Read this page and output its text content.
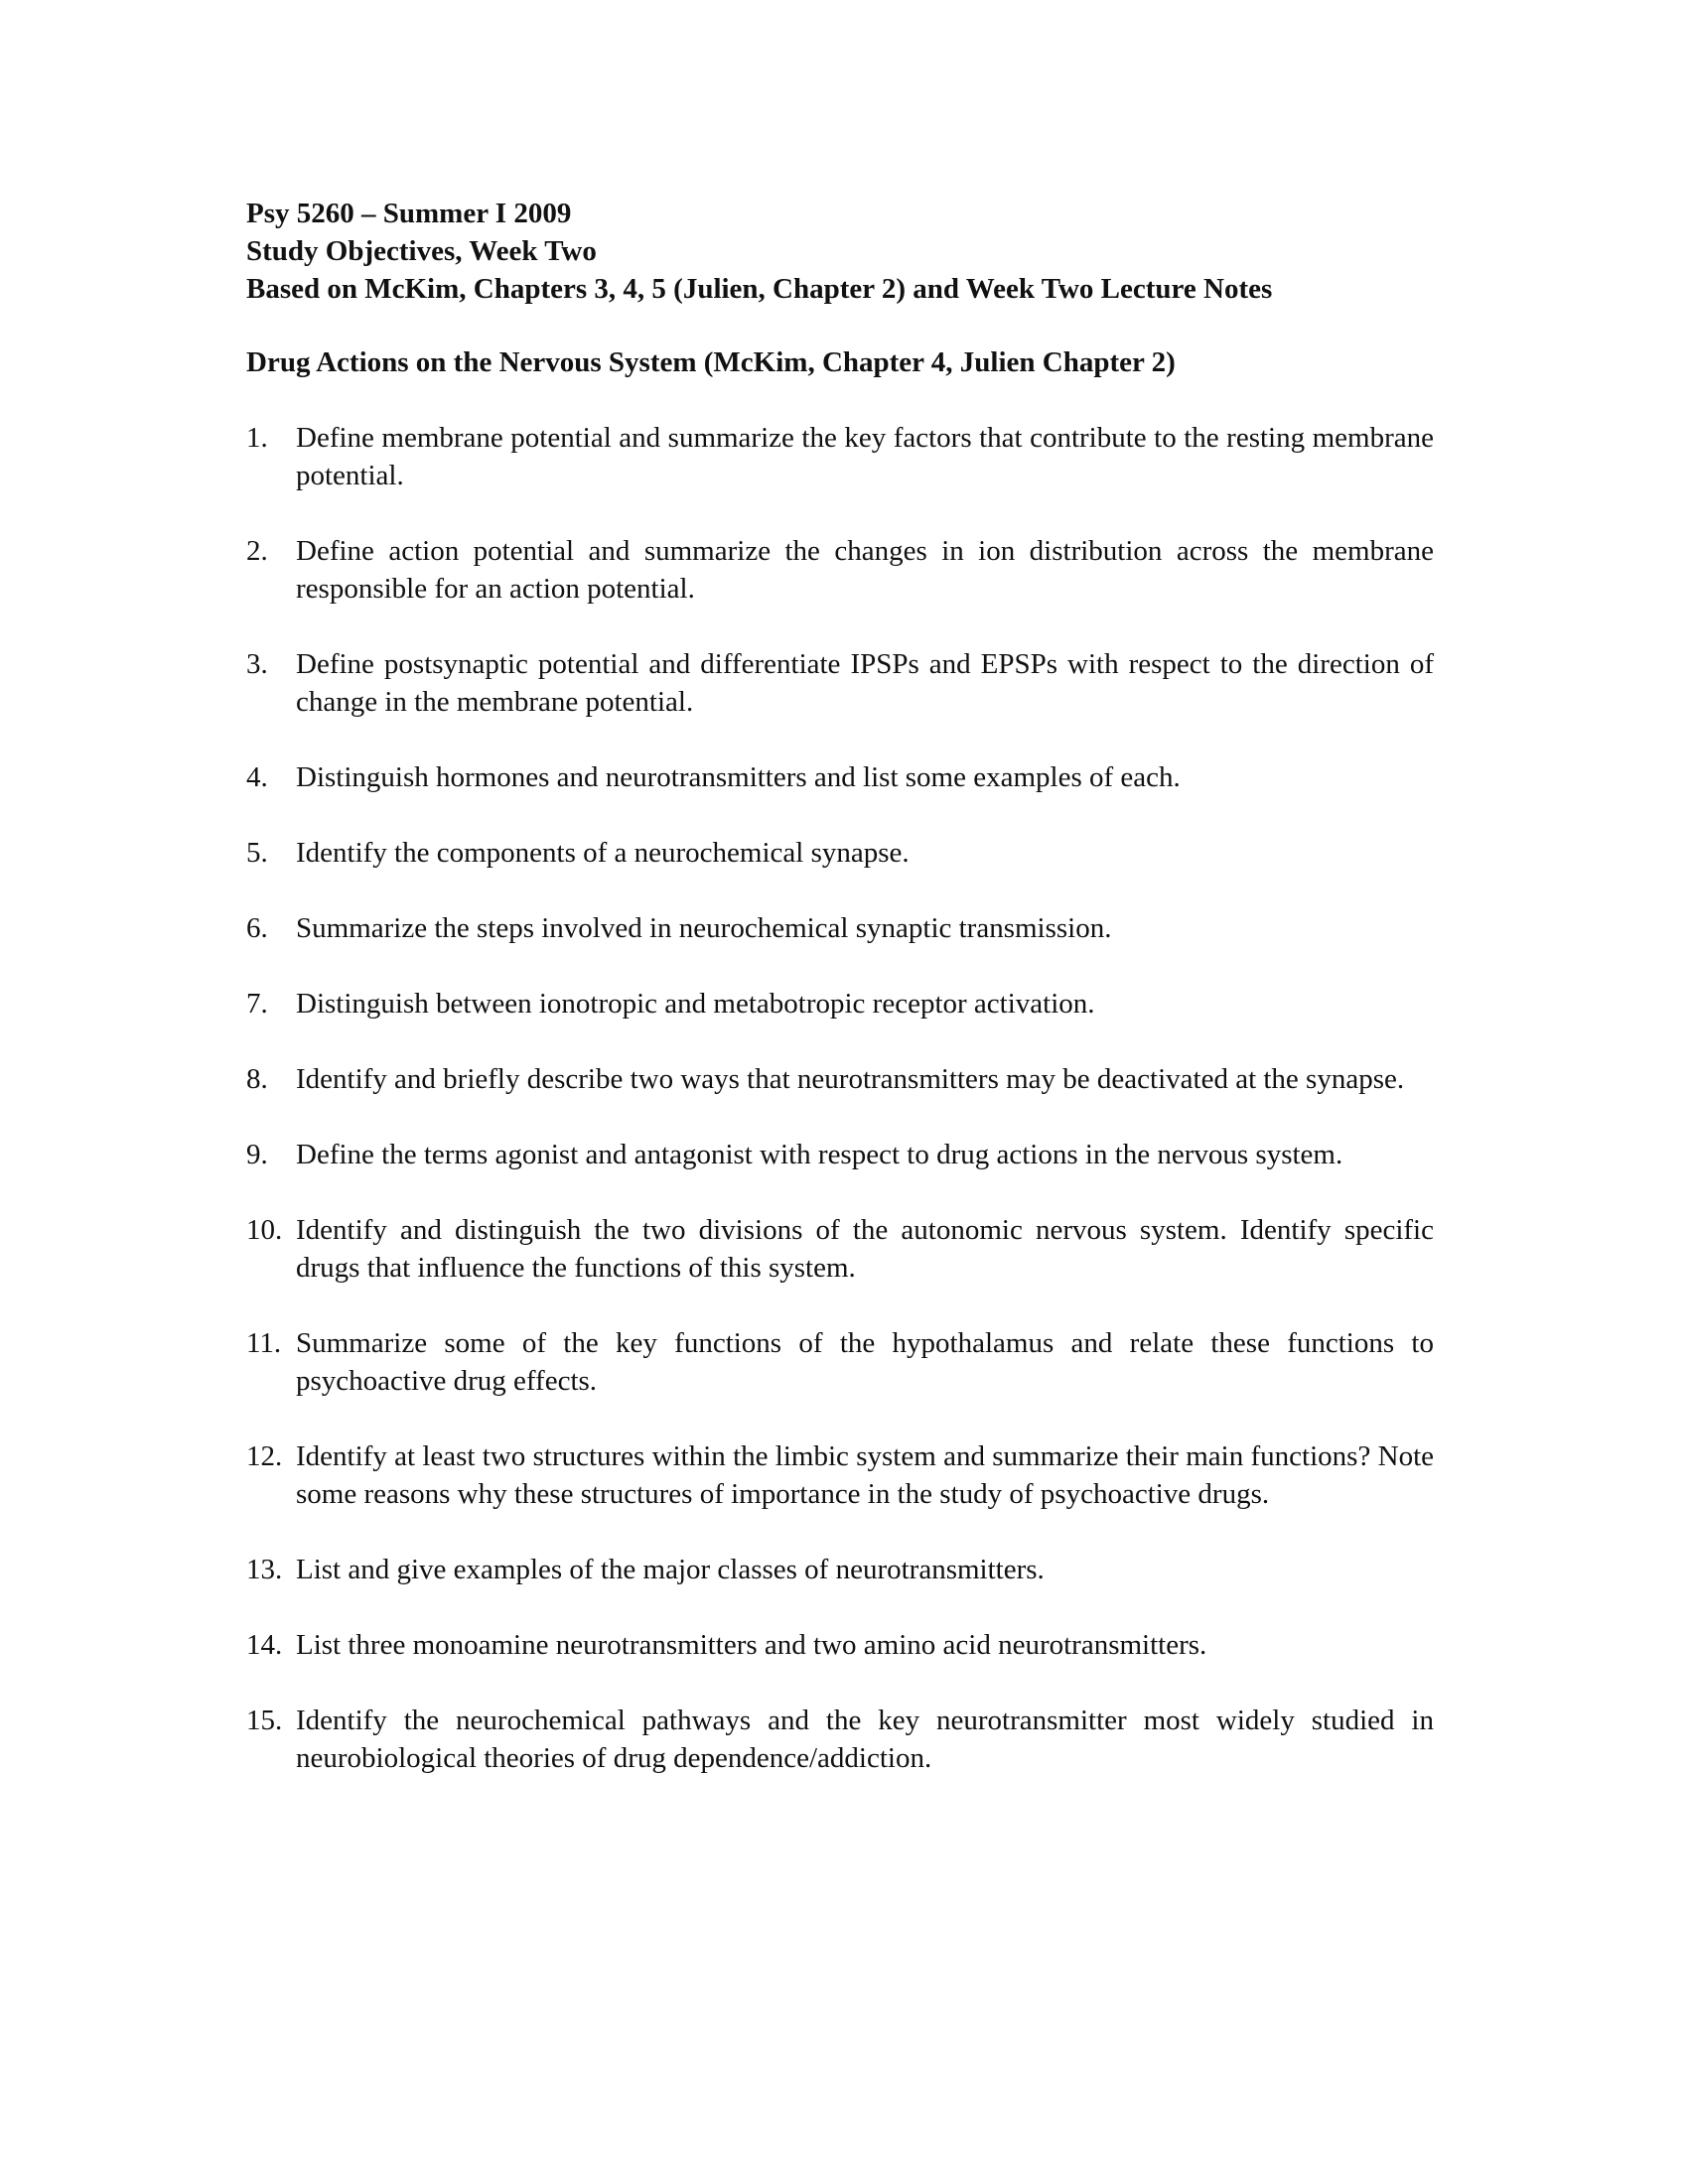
Psy 5260 – Summer I 2009

Study Objectives, Week Two

Based on McKim, Chapters 3, 4, 5 (Julien, Chapter 2) and Week Two Lecture Notes

Drug Actions on the Nervous System (McKim, Chapter 4, Julien Chapter 2)

1. Define membrane potential and summarize the key factors that contribute to the resting membrane potential.
2. Define action potential and summarize the changes in ion distribution across the membrane responsible for an action potential.
3. Define postsynaptic potential and differentiate IPSPs and EPSPs with respect to the direction of change in the membrane potential.
4. Distinguish hormones and neurotransmitters and list some examples of each.
5. Identify the components of a neurochemical synapse.
6. Summarize the steps involved in neurochemical synaptic transmission.
7. Distinguish between ionotropic and metabotropic receptor activation.
8. Identify and briefly describe two ways that neurotransmitters may be deactivated at the synapse.
9. Define the terms agonist and antagonist with respect to drug actions in the nervous system.
10. Identify and distinguish the two divisions of the autonomic nervous system. Identify specific drugs that influence the functions of this system.
11. Summarize some of the key functions of the hypothalamus and relate these functions to psychoactive drug effects.
12. Identify at least two structures within the limbic system and summarize their main functions? Note some reasons why these structures of importance in the study of psychoactive drugs.
13. List and give examples of the major classes of neurotransmitters.
14. List three monoamine neurotransmitters and two amino acid neurotransmitters.
15. Identify the neurochemical pathways and the key neurotransmitter most widely studied in neurobiological theories of drug dependence/addiction.
